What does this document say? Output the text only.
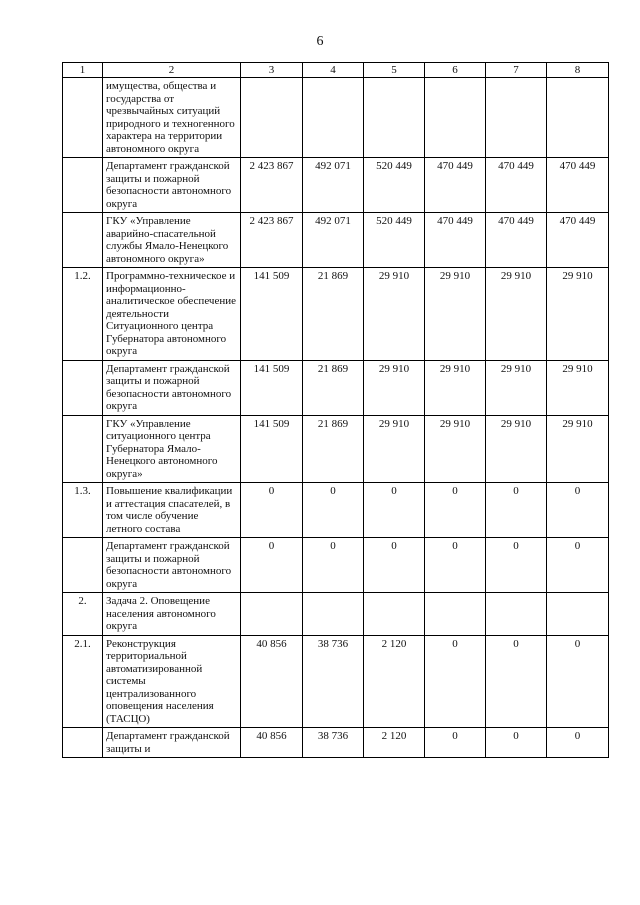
6
1	2	3	4	5	6	7	8
	имущества, общества и государства от чрезвычайных ситуаций природного и техногенного характера на территории автономного округа						
	Департамент гражданской защиты и пожарной безопасности автономного округа	2 423 867	492 071	520 449	470 449	470 449	470 449
	ГКУ «Управление аварийно-спасательной службы Ямало-Ненецкого автономного округа»	2 423 867	492 071	520 449	470 449	470 449	470 449
1.2.	Программно-техническое и информационно-аналитическое обеспечение деятельности Ситуационного центра Губернатора автономного округа	141 509	21 869	29 910	29 910	29 910	29 910
	Департамент гражданской защиты и пожарной безопасности автономного округа	141 509	21 869	29 910	29 910	29 910	29 910
	ГКУ «Управление ситуационного центра Губернатора Ямало-Ненецкого автономного округа»	141 509	21 869	29 910	29 910	29 910	29 910
1.3.	Повышение квалификации и аттестация спасателей, в том числе обучение летного состава	0	0	0	0	0	0
	Департамент гражданской защиты и пожарной безопасности автономного округа	0	0	0	0	0	0
2.	Задача 2. Оповещение населения автономного округа						
2.1.	Реконструкция территориальной автоматизированной системы централизованного оповещения населения (ТАСЦО)	40 856	38 736	2 120	0	0	0
	Департамент гражданской защиты и	40 856	38 736	2 120	0	0	0
